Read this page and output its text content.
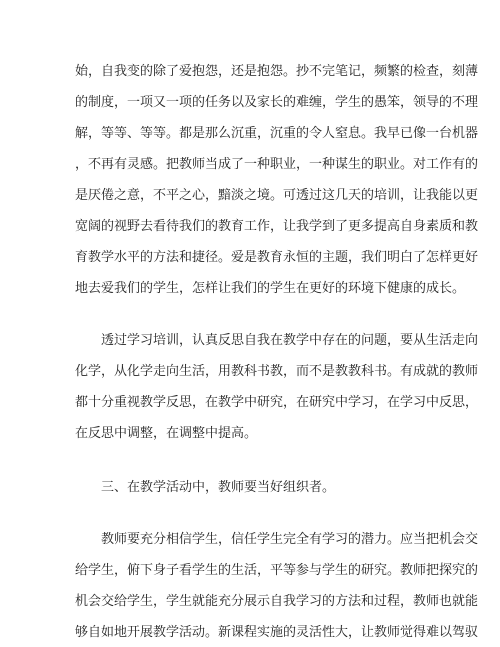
始，自我变的除了爱抱怨，还是抱怨。抄不完笔记，频繁的检查，刻薄

的制度，一项又一项的任务以及家长的难缠，学生的愚笨，领导的不理

解，等等、等等。都是那么沉重，沉重的令人窒息。我早已像一台机器

，不再有灵感。把教师当成了一种职业，一种谋生的职业。对工作有的

是厌倦之意，不平之心，黯淡之境。可透过这几天的培训，让我能以更

宽阔的视野去看待我们的教育工作，让我学到了更多提高自身素质和教

育教学水平的方法和捷径。爱是教育永恒的主题，我们明白了怎样更好

地去爱我们的学生，怎样让我们的学生在更好的环境下健康的成长。

透过学习培训，认真反思自我在教学中存在的问题，要从生活走向

化学，从化学走向生活，用教科书教，而不是教教科书。有成就的教师

都十分重视教学反思，在教学中研究，在研究中学习，在学习中反思，

在反思中调整，在调整中提高。

三、在教学活动中，教师要当好组织者。

教师要充分相信学生，信任学生完全有学习的潜力。应当把机会交

给学生，俯下身子看学生的生活，平等参与学生的研究。教师把探究的

机会交给学生，学生就能充分展示自我学习的方法和过程，教师也就能

够自如地开展教学活动。新课程实施的灵活性大，让教师觉得难以驾驭
